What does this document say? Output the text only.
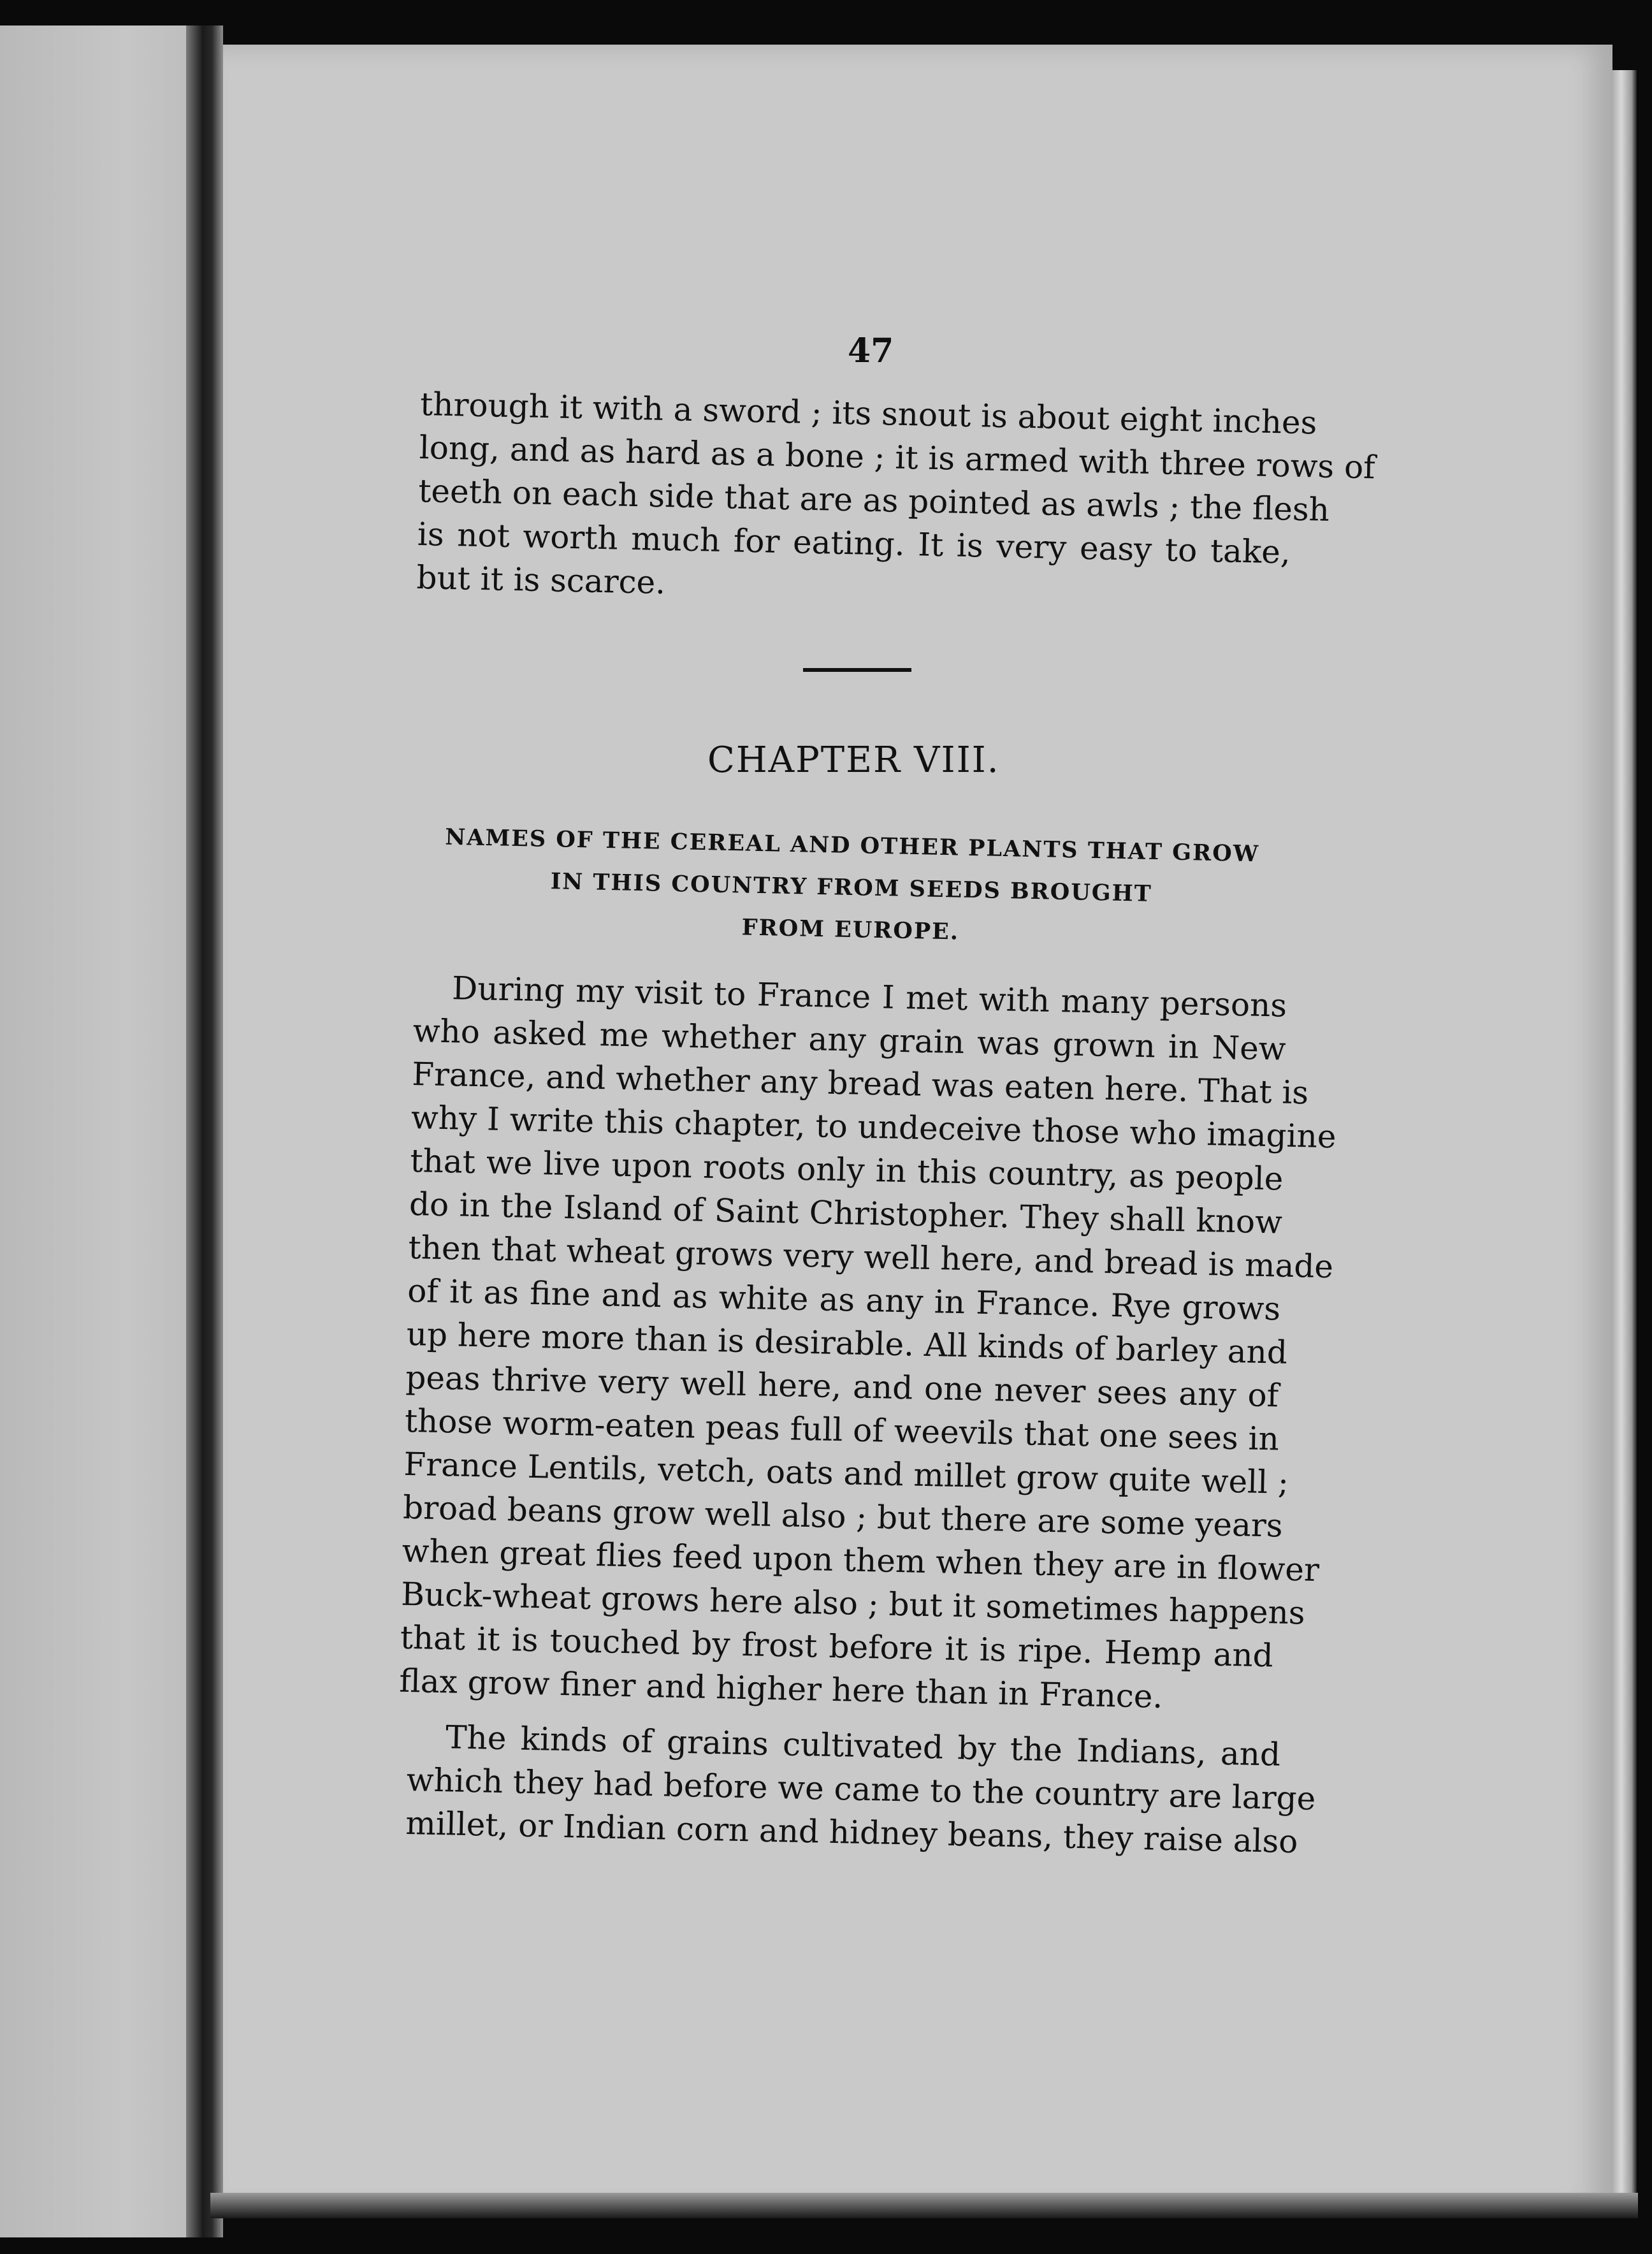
47
through it with a sword ; its snout is about eight inches
long, and as hard as a bone ; it is armed with three rows of
teeth on each side that are as pointed as awls ; the flesh
is not worth much for eating. It is very easy to take,
but it is scarce.
CHAPTER VIII.
NAMES OF THE CEREAL AND OTHER PLANTS THAT GROW
IN THIS COUNTRY FROM SEEDS BROUGHT
FROM EUROPE.
During my visit to France I met with many persons
who asked me whether any grain was grown in New
France, and whether any bread was eaten here. That is
why I write this chapter, to undeceive those who imagine
that we live upon roots only in this country, as people
do in the Island of Saint Christopher. They shall know
then that wheat grows very well here, and bread is made
of it as fine and as white as any in France. Rye grows
up here more than is desirable. All kinds of barley and
peas thrive very well here, and one never sees any of
those worm-eaten peas full of weevils that one sees in
France Lentils, vetch, oats and millet grow quite well ;
broad beans grow well also ; but there are some years
when great flies feed upon them when they are in flower
Buck-wheat grows here also ; but it sometimes happens
that it is touched by frost before it is ripe. Hemp and
flax grow finer and higher here than in France.
The kinds of grains cultivated by the Indians, and
which they had before we came to the country are large
millet, or Indian corn and hidney beans, they raise also
